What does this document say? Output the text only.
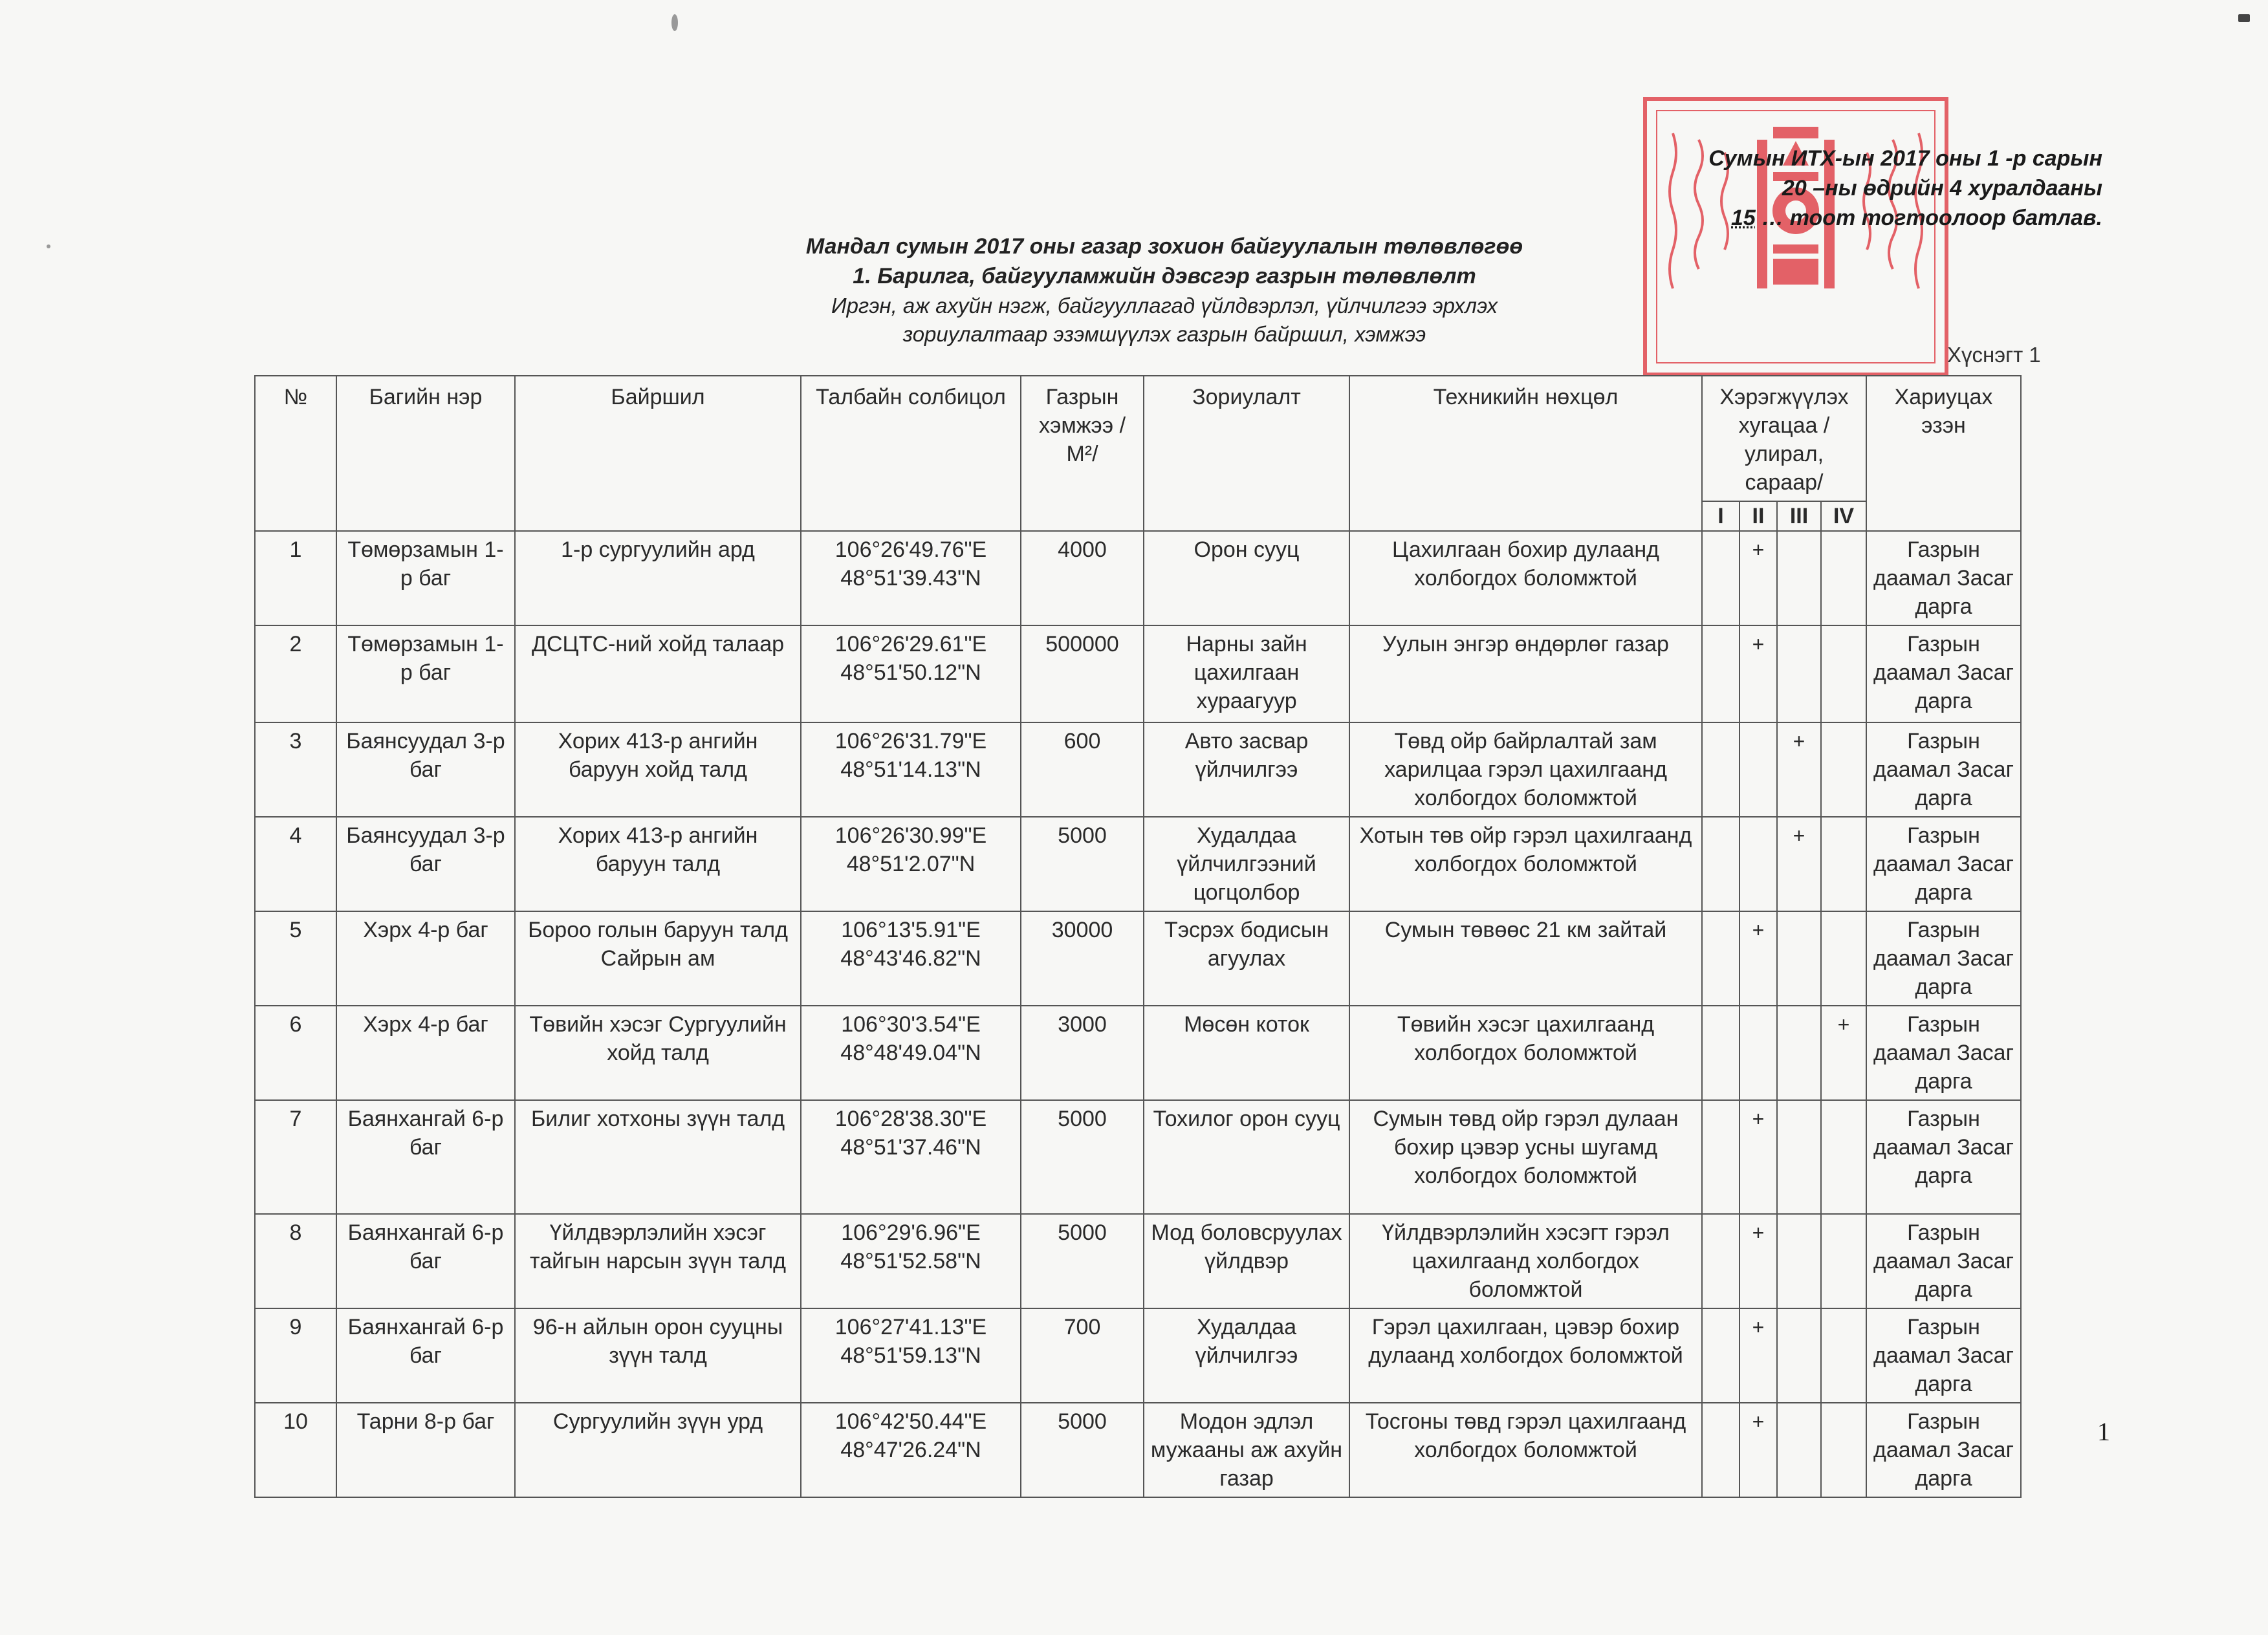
Сумын ИТХ-ын 2017 оны 1 -р сарын
20 –ны өдрийн 4 хуралдааны
15 … тоот тогтоолоор батлав.
Мандал сумын 2017 оны газар зохион байгуулалын төлөвлөгөө
1. Барилга, байгууламжийн дэвсгэр газрын төлөвлөлт
Иргэн, аж ахуйн нэгж, байгууллагад үйлдвэрлэл, үйлчилгээ эрхлэх
зориулалтаар эзэмшүүлэх газрын байршил, хэмжээ
Хүснэгт 1
№	Багийн нэр	Байршил	Талбайн солбицол	Газрын хэмжээ /М²/	Зориулалт	Техникийн нөхцөл	Хэрэгжүүлэх хугацаа /улирал, сараар/				Хариуцах эзэн
							I	II	III	IV	
1	Төмөрзамын 1-р баг	1-р сургуулийн ард	106°26'49.76"E 48°51'39.43"N	4000	Орон сууц	Цахилгаан бохир дулаанд холбогдох боломжтой		+			Газрын даамал Засаг дарга
2	Төмөрзамын 1-р баг	ДСЦТС-ний хойд талаар	106°26'29.61"E 48°51'50.12"N	500000	Нарны зайн цахилгаан хураагуур	Уулын энгэр өндөрлөг газар		+			Газрын даамал Засаг дарга
3	Баянсуудал 3-р баг	Хорих 413-р ангийн баруун хойд талд	106°26'31.79"E 48°51'14.13"N	600	Авто засвар үйлчилгээ	Төвд ойр байрлалтай зам харилцаа гэрэл цахилгаанд холбогдох боломжтой			+		Газрын даамал Засаг дарга
4	Баянсуудал 3-р баг	Хорих 413-р ангийн баруун талд	106°26'30.99"E 48°51'2.07"N	5000	Худалдаа үйлчилгээний цогцолбор	Хотын төв ойр гэрэл цахилгаанд холбогдох боломжтой			+		Газрын даамал Засаг дарга
5	Хэрх 4-р баг	Бороо голын баруун талд Сайрын ам	106°13'5.91"E 48°43'46.82"N	30000	Тэсрэх бодисын агуулах	Сумын төвөөс 21 км зайтай		+			Газрын даамал Засаг дарга
6	Хэрх 4-р баг	Төвийн хэсэг Сургуулийн хойд талд	106°30'3.54"E 48°48'49.04"N	3000	Мөсөн коток	Төвийн хэсэг цахилгаанд холбогдох боломжтой				+	Газрын даамал Засаг дарга
7	Баянхангай 6-р баг	Билиг хотхоны зүүн талд	106°28'38.30"E 48°51'37.46"N	5000	Тохилог орон сууц	Сумын төвд ойр гэрэл дулаан бохир цэвэр усны шугамд холбогдох боломжтой		+			Газрын даамал Засаг дарга
8	Баянхангай 6-р баг	Үйлдвэрлэлийн хэсэг тайгын нарсын зүүн талд	106°29'6.96"E 48°51'52.58"N	5000	Мод боловсруулах үйлдвэр	Үйлдвэрлэлийн хэсэгт гэрэл цахилгаанд холбогдох боломжтой		+			Газрын даамал Засаг дарга
9	Баянхангай 6-р баг	96-н айлын орон сууцны зүүн талд	106°27'41.13"E 48°51'59.13"N	700	Худалдаа үйлчилгээ	Гэрэл цахилгаан, цэвэр бохир дулаанд холбогдох боломжтой		+			Газрын даамал Засаг дарга
10	Тарни 8-р баг	Сургуулийн зүүн урд	106°42'50.44"E 48°47'26.24"N	5000	Модон эдлэл мужааны аж ахуйн газар	Тосгоны төвд гэрэл цахилгаанд холбогдох боломжтой		+			Газрын даамал Засаг дарга
1
